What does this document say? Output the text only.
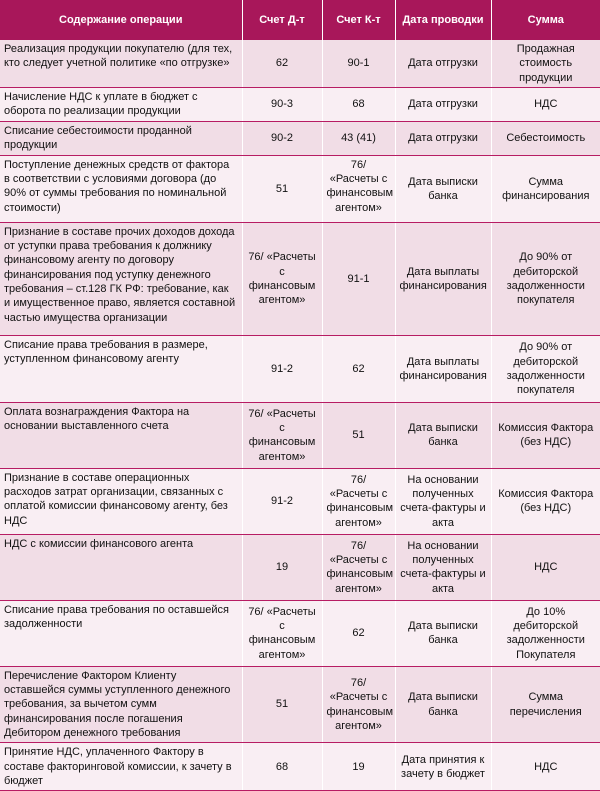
Содержание операции	Счет Д-т	Счет К-т	Дата проводки	Сумма
Реализация продукции покупателю (для тех, кто следует учетной политике «по отгрузке»	62	90-1	Дата отгрузки	Продажная стоимость продукции
Начисление НДС к уплате в бюджет с оборота по реализации продукции	90-3	68	Дата отгрузки	НДС
Списание себестоимости проданной продукции	90-2	43 (41)	Дата отгрузки	Себестоимость
Поступление денежных средств от фактора в соответствии с условиями договора (до 90% от суммы требования по номинальной стоимости)	51	76/ «Расчеты с финансовым агентом»	Дата выписки банка	Сумма финансирования
Признание в составе прочих доходов дохода от уступки права требования к должнику финансовому агенту по договору финансирования под уступку денежного требования – ст.128 ГК РФ: требование, как и имущественное право, является составной частью имущества организации	76/ «Расчеты с финансовым агентом»	91-1	Дата выплаты финансирования	До 90% от дебиторской задолженности покупателя
Списание права требования в размере, уступленном финансовому агенту	91-2	62	Дата выплаты финансирования	До 90% от дебиторской задолженности покупателя
Оплата вознаграждения Фактора на основании выставленного счета	76/ «Расчеты с финансовым агентом»	51	Дата выписки банка	Комиссия Фактора (без НДС)
Признание в составе операционных расходов затрат организации, связанных с оплатой комиссии финансовому агенту, без НДС	91-2	76/ «Расчеты с финансовым агентом»	На основании полученных счета-фактуры и акта	Комиссия Фактора (без НДС)
НДС с комиссии финансового агента	19	76/ «Расчеты с финансовым агентом»	На основании полученных счета-фактуры и акта	НДС
Списание права требования по оставшейся задолженности	76/ «Расчеты с финансовым агентом»	62	Дата выписки банка	До 10% дебиторской задолженности Покупателя
Перечисление Фактором Клиенту оставшейся суммы уступленного денежного требования, за вычетом сумм финансирования после погашения Дебитором денежного требования	51	76/ «Расчеты с финансовым агентом»	Дата выписки банка	Сумма перечисления
Принятие НДС, уплаченного Фактору в составе факторинговой комиссии, к зачету в бюджет	68	19	Дата принятия к зачету в бюджет	НДС
